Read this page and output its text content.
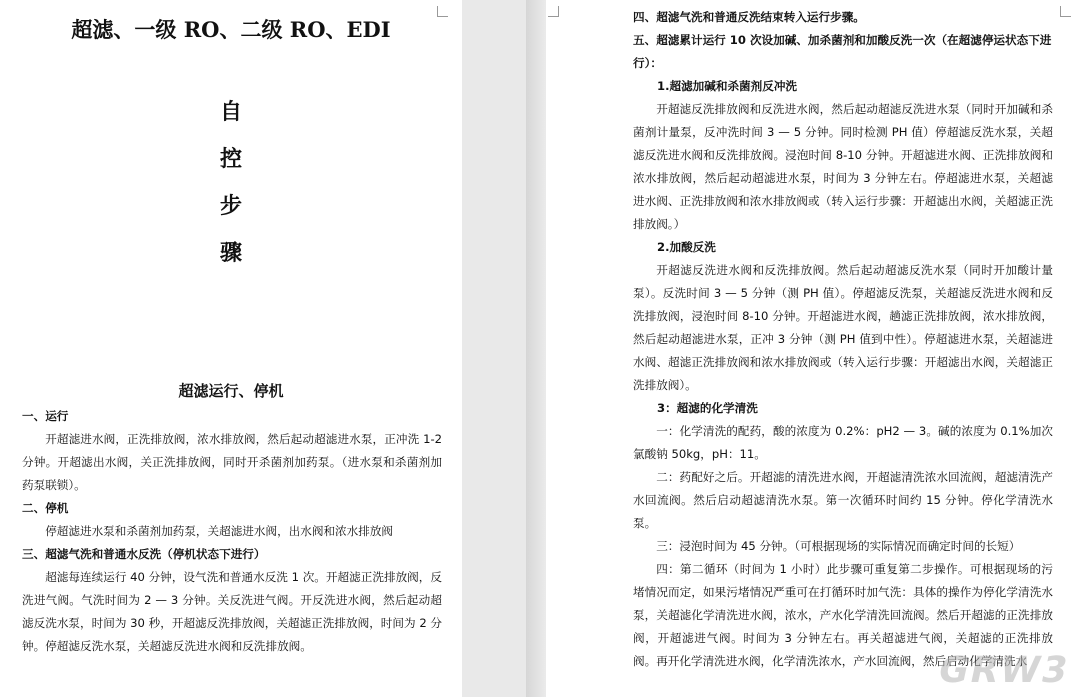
超滤、一级 RO、二级 RO、EDI
自
控
步
骤
超滤运行、停机

一、运行

开超滤进水阀，正洗排放阀，浓水排放阀，然后起动超滤进水泵，正冲洗 1-2 分钟。开超滤出水阀，关正洗排放阀，同时开杀菌剂加药泵。（进水泵和杀菌剂加药泵联锁）。

二、停机

停超滤进水泵和杀菌剂加药泵，关超滤进水阀，出水阀和浓水排放阀

三、超滤气洗和普通水反洗（停机状态下进行）

超滤每连续运行 40 分钟，设气洗和普通水反洗 1 次。开超滤正洗排放阀，反洗进气阀。气洗时间为 2 — 3 分钟。关反洗进气阀。开反洗进水阀，然后起动超滤反洗水泵，时间为 30 秒，开超滤反洗排放阀，关超滤正洗排放阀，时间为 2 分钟。停超滤反洗水泵，关超滤反洗进水阀和反洗排放阀。

四、超滤气洗和普通反洗结束转入运行步骤。

五、超滤累计运行 10 次设加碱、加杀菌剂和加酸反洗一次（在超滤停运状态下进行）：

1.超滤加碱和杀菌剂反冲洗

开超滤反洗排放阀和反洗进水阀，然后起动超滤反洗进水泵（同时开加碱和杀菌剂计量泵，反冲洗时间 3 — 5 分钟。同时检测 PH 值）停超滤反洗水泵，关超滤反洗进水阀和反洗排放阀。浸泡时间 8-10 分钟。开超滤进水阀、正洗排放阀和浓水排放阀，然后起动超滤进水泵，时间为 3 分钟左右。停超滤进水泵，关超滤进水阀、正洗排放阀和浓水排放阀或（转入运行步骤：开超滤出水阀，关超滤正洗排放阀。）

2.加酸反洗

开超滤反洗进水阀和反洗排放阀。然后起动超滤反洗水泵（同时开加酸计量泵）。反洗时间 3 — 5 分钟（测 PH 值）。停超滤反洗泵，关超滤反洗进水阀和反洗排放阀，浸泡时间 8-10 分钟。开超滤进水阀，趟滤正洗排放阀，浓水排放阀，然后起动超滤进水泵，正冲 3 分钟（测 PH 值到中性）。停超滤进水泵，关超滤进水阀、超滤正洗排放阀和浓水排放阀或（转入运行步骤：开超滤出水阀，关超滤正洗排放阀）。

3：超滤的化学清洗

一：化学清洗的配药，酸的浓度为 0.2%：pH2 — 3。碱的浓度为 0.1%加次氯酸钠 50kg，pH：11。

二：药配好之后。开超滤的清洗进水阀，开超滤清洗浓水回流阀，超滤清洗产水回流阀。然后启动超滤清洗水泵。第一次循环时间约 15 分钟。停化学清洗水泵。

三：浸泡时间为 45 分钟。（可根据现场的实际情况而确定时间的长短）

四：第二循环（时间为 1 小时）此步骤可重复第二步操作。可根据现场的污堵情况而定，如果污堵情况严重可在打循环时加气洗：具体的操作为停化学清洗水泵，关超滤化学清洗进水阀，浓水，产水化学清洗回流阀。然后开超滤的正洗排放阀，开超滤进气阀。时间为 3 分钟左右。再关超滤进气阀，关超滤的正洗排放阀。再开化学清洗进水阀，化学清洗浓水，产水回流阀，然后启动化学清洗水

GRW3
